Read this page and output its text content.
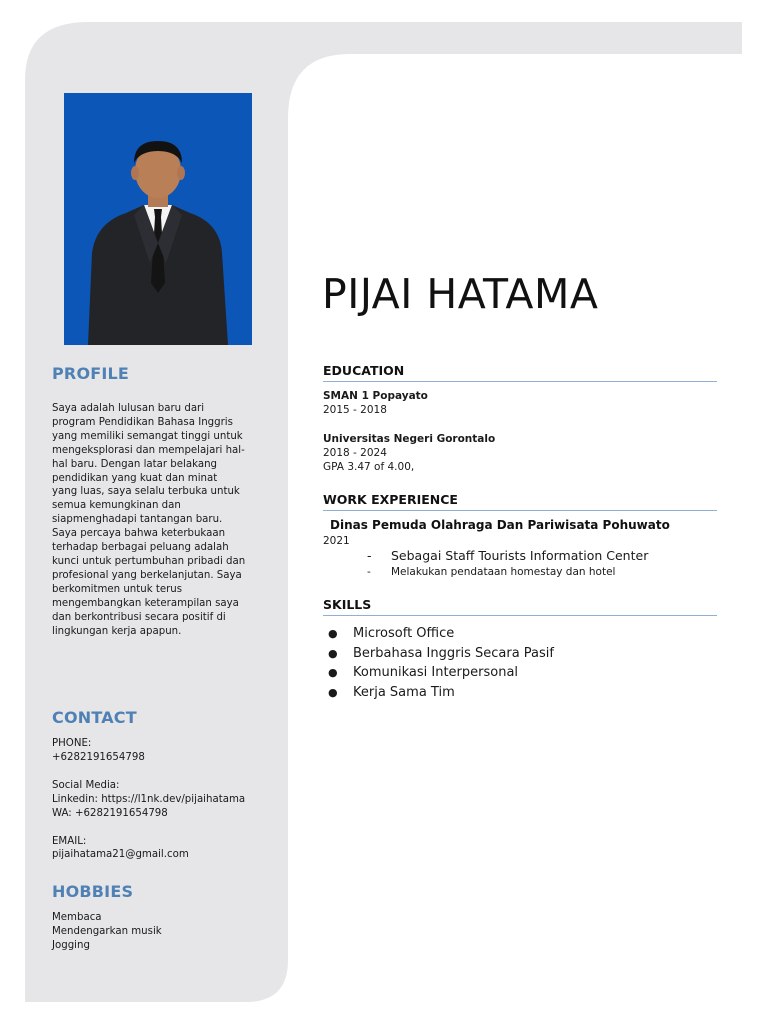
PROFILE
Saya adalah lulusan baru dari
program Pendidikan Bahasa Inggris
yang memiliki semangat tinggi untuk
mengeksplorasi dan mempelajari hal-
hal baru. Dengan latar belakang
pendidikan yang kuat dan minat
yang luas, saya selalu terbuka untuk
semua kemungkinan dan
siapmenghadapi tantangan baru.
Saya percaya bahwa keterbukaan
terhadap berbagai peluang adalah
kunci untuk pertumbuhan pribadi dan
profesional yang berkelanjutan. Saya
berkomitmen untuk terus
mengembangkan keterampilan saya
dan berkontribusi secara positif di
lingkungan kerja apapun.
CONTACT
PHONE:
+6282191654798
Social Media:
Linkedin: https://l1nk.dev/pijaihatama
WA: +6282191654798
EMAIL:
pijaihatama21@gmail.com
HOBBIES
Membaca
Mendengarkan musik
Jogging
PIJAI HATAMA
EDUCATION
SMAN 1 Popayato
2015 - 2018
Universitas Negeri Gorontalo
2018 - 2024
GPA 3.47 of 4.00,
WORK EXPERIENCE
Dinas Pemuda Olahraga Dan Pariwisata Pohuwato
2021
- Sebagai Staff Tourists Information Center
- Melakukan pendataan homestay dan hotel
SKILLS
● Microsoft Office
● Berbahasa Inggris Secara Pasif
● Komunikasi Interpersonal
● Kerja Sama Tim
